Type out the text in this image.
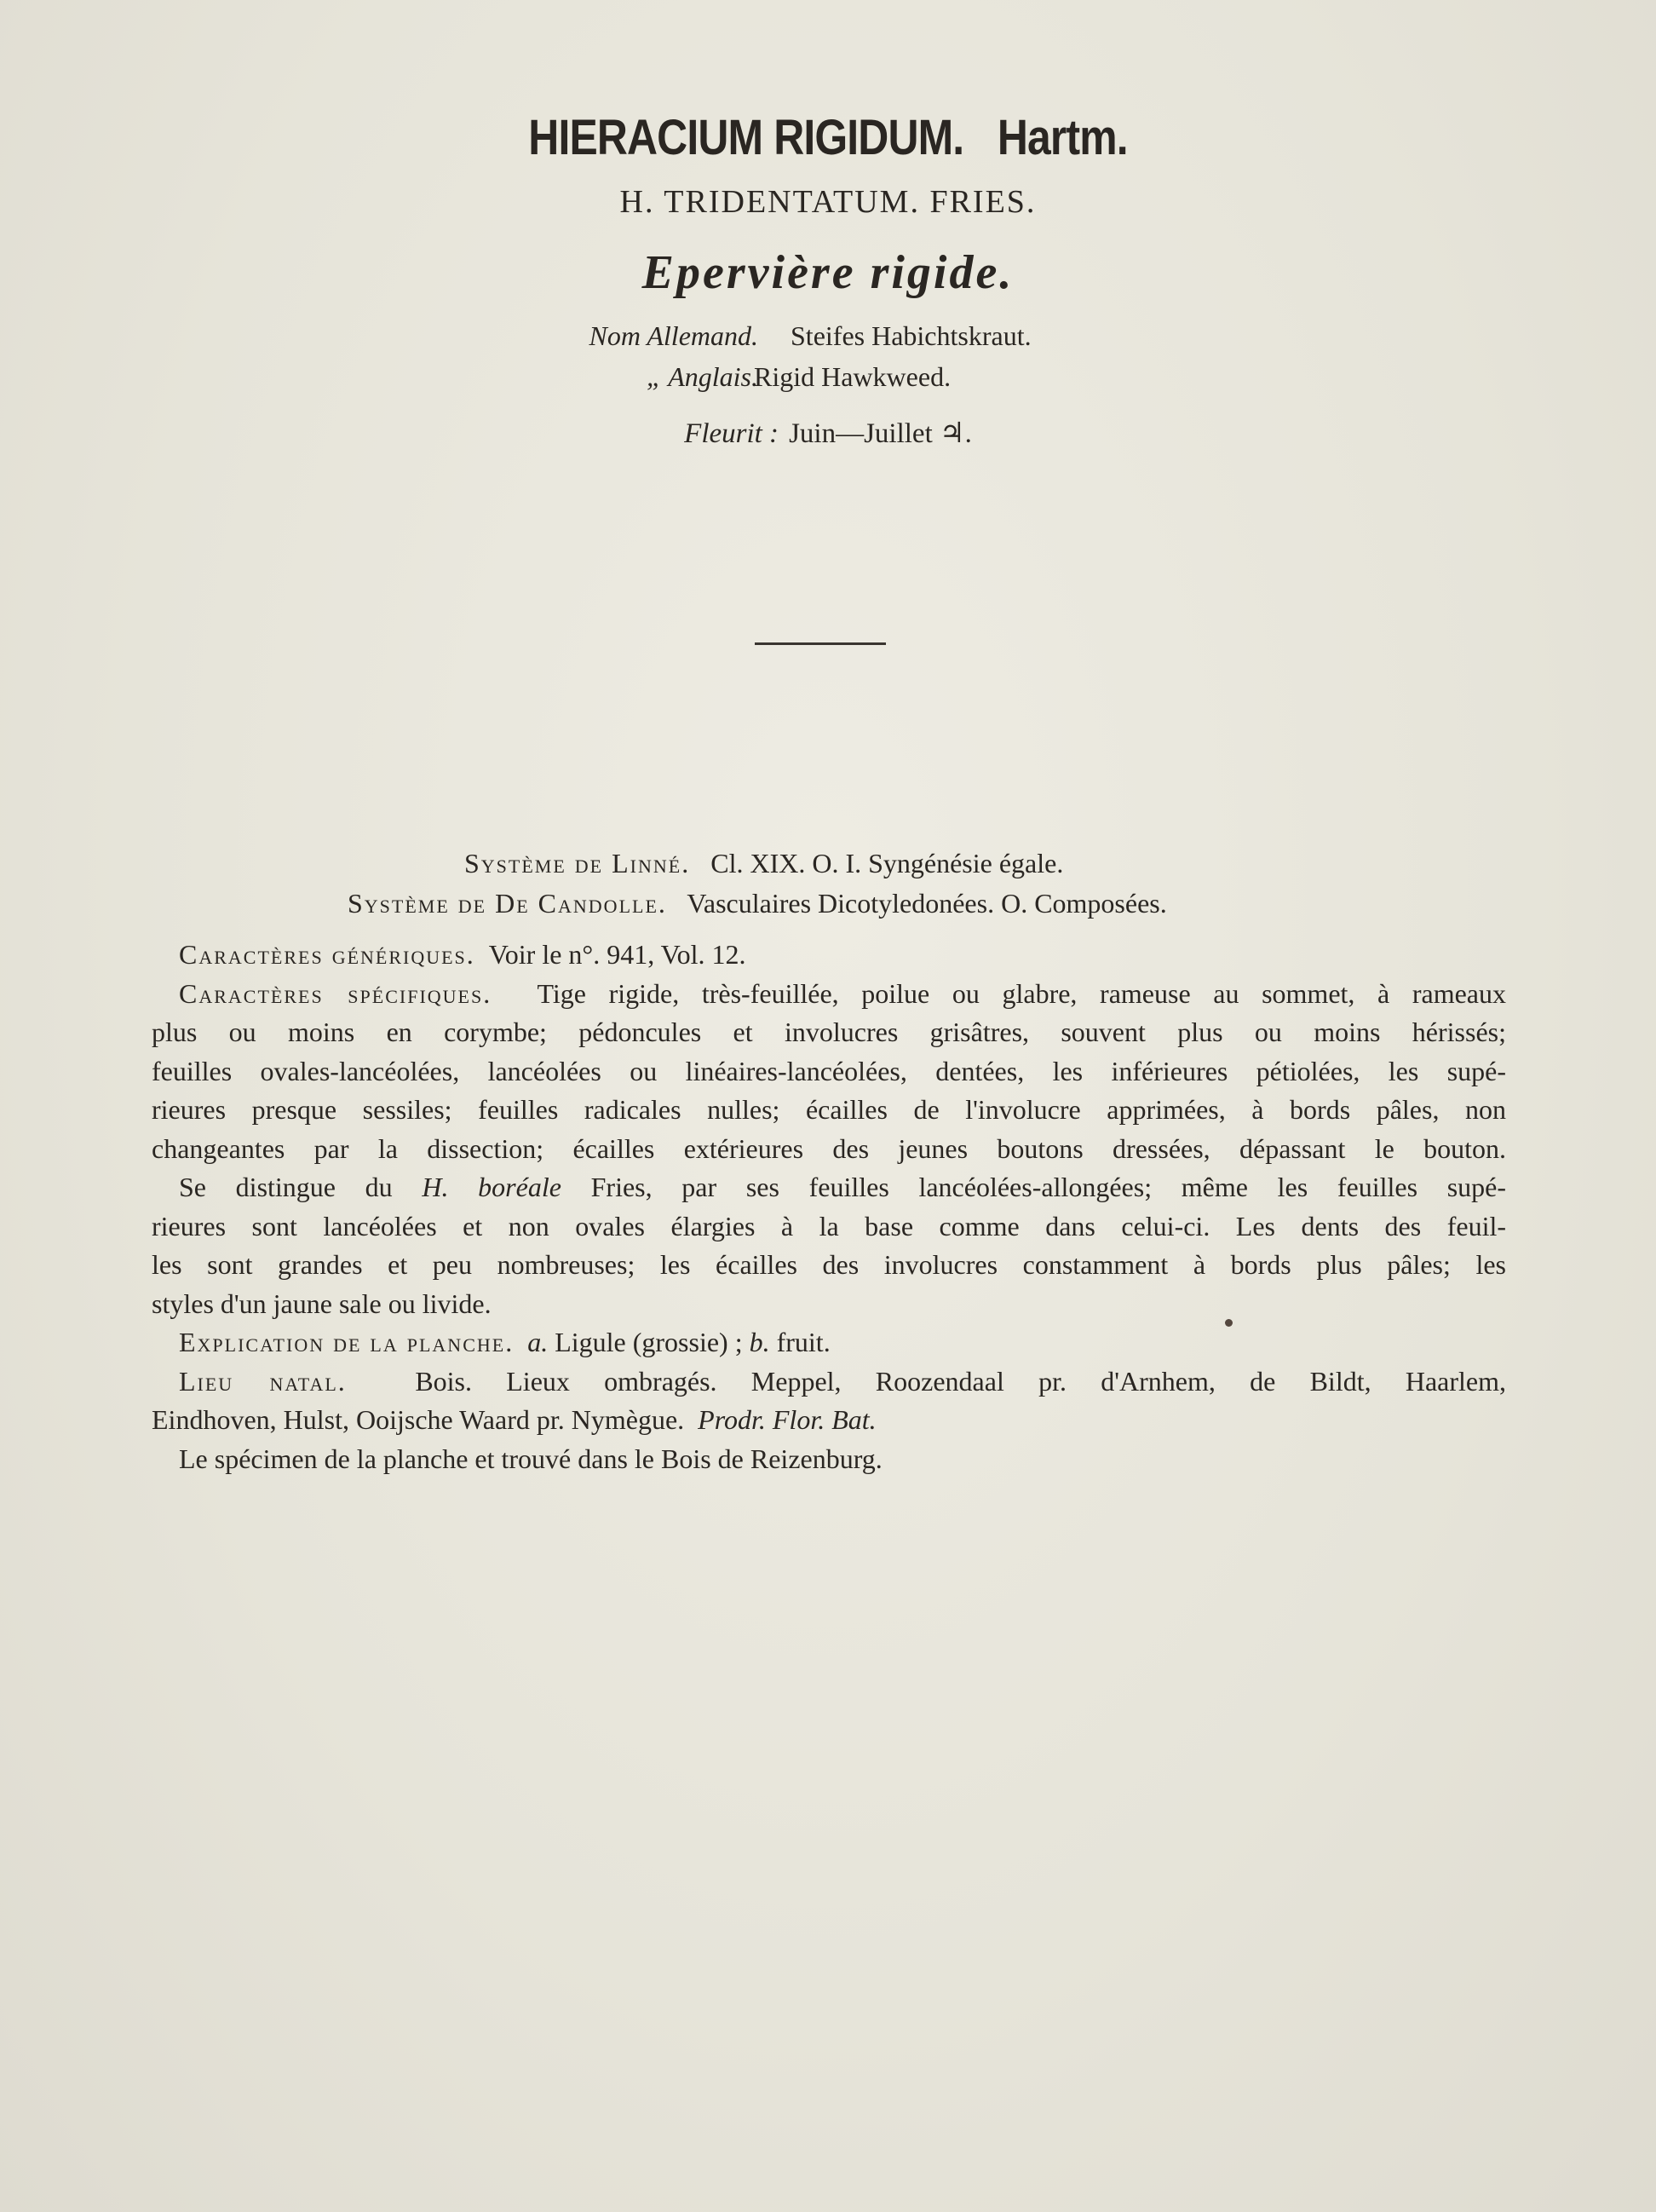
HIERACIUM RIGIDUM. Hartm.
H. TRIDENTATUM. FRIES.
Epervière rigide.
Nom Allemand. Steifes Habichtskraut.
„ Anglais.
Rigid Hawkweed.
Fleurit : Juin—Juillet ♃.
Système de Linné. Cl. XIX. O. I. Syngénésie égale.
Système de De Candolle. Vasculaires Dicotyledonées. O. Composées.
Caractères génériques. Voir le n°. 941, Vol. 12.
Caractères spécifiques. Tige rigide, très-feuillée, poilue ou glabre, rameuse au sommet, à rameaux
plus ou moins en corymbe; pédoncules et involucres grisâtres, souvent plus ou moins hérissés;
feuilles ovales-lancéolées, lancéolées ou linéaires-lancéolées, dentées, les inférieures pétiolées, les supé-
rieures presque sessiles; feuilles radicales nulles; écailles de l'involucre apprimées, à bords pâles, non
changeantes par la dissection; écailles extérieures des jeunes boutons dressées, dépassant le bouton.
Se distingue du H. boréale Fries, par ses feuilles lancéolées-allongées; même les feuilles supé-
rieures sont lancéolées et non ovales élargies à la base comme dans celui-ci. Les dents des feuil-
les sont grandes et peu nombreuses; les écailles des involucres constamment à bords plus pâles; les
styles d'un jaune sale ou livide.
Explication de la planche. a. Ligule (grossie) ; b. fruit.
Lieu natal.	Bois. Lieux ombragés. Meppel, Roozendaal pr. d'Arnhem, de Bildt, Haarlem,
Eindhoven, Hulst, Ooijsche Waard pr. Nymègue. Prodr. Flor. Bat.
Le spécimen de la planche et trouvé dans le Bois de Reizenburg.
